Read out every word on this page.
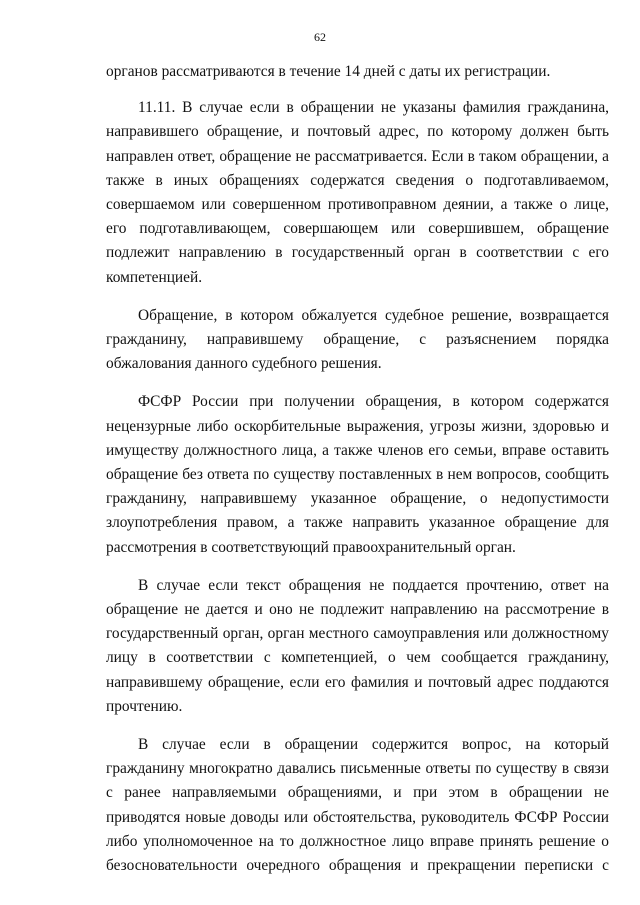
62

органов рассматриваются в течение 14 дней с даты их регистрации.

11.11. В случае если в обращении не указаны фамилия гражданина, направившего обращение, и почтовый адрес, по которому должен быть направлен ответ, обращение не рассматривается. Если в таком обращении, а также в иных обращениях содержатся сведения о подготавливаемом, совершаемом или совершенном противоправном деянии, а также о лице, его подготавливающем, совершающем или совершившем, обращение подлежит направлению в государственный орган в соответствии с его компетенцией.

Обращение, в котором обжалуется судебное решение, возвращается гражданину, направившему обращение, с разъяснением порядка обжалования данного судебного решения.

ФСФР России при получении обращения, в котором содержатся нецензурные либо оскорбительные выражения, угрозы жизни, здоровью и имуществу должностного лица, а также членов его семьи, вправе оставить обращение без ответа по существу поставленных в нем вопросов, сообщить гражданину, направившему указанное обращение, о недопустимости злоупотребления правом, а также направить указанное обращение для рассмотрения в соответствующий правоохранительный орган.

В случае если текст обращения не поддается прочтению, ответ на обращение не дается и оно не подлежит направлению на рассмотрение в государственный орган, орган местного самоуправления или должностному лицу в соответствии с компетенцией, о чем сообщается гражданину, направившему обращение, если его фамилия и почтовый адрес поддаются прочтению.

В случае если в обращении содержится вопрос, на который гражданину многократно давались письменные ответы по существу в связи с ранее направляемыми обращениями, и при этом в обращении не приводятся новые доводы или обстоятельства, руководитель ФСФР России либо уполномоченное на то должностное лицо вправе принять решение о безосновательности очередного обращения и прекращении переписки с
